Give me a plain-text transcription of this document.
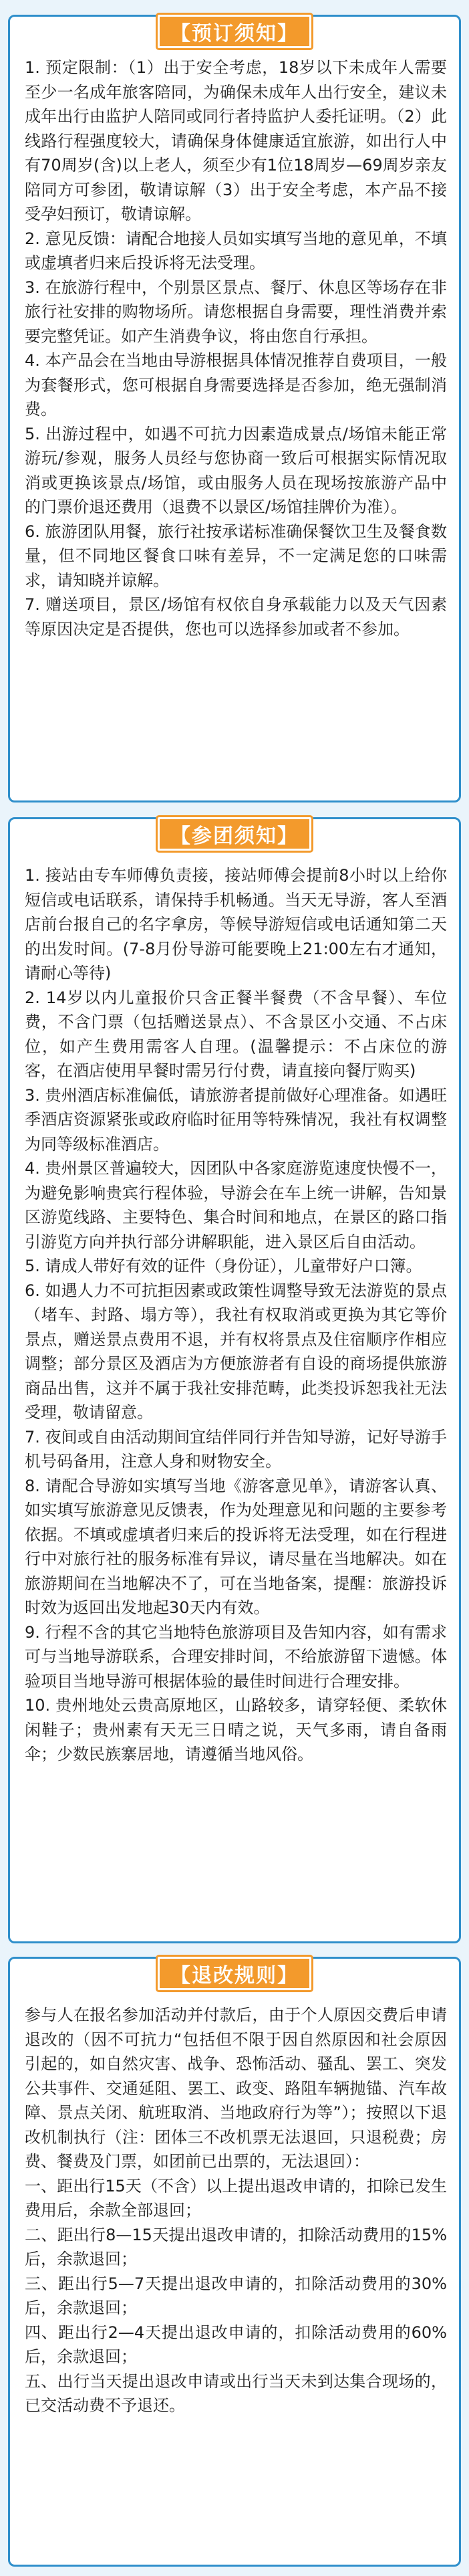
【预订须知】

1. 预定限制：（1）出于安全考虑，18岁以下未成年人需要至少一名成年旅客陪同，为确保未成年人出行安全，建议未成年出行由监护人陪同或同行者持监护人委托证明。（2）此线路行程强度较大，请确保身体健康适宜旅游，如出行人中有70周岁(含)以上老人，须至少有1位18周岁—69周岁亲友陪同方可参团，敬请谅解（3）出于安全考虑，本产品不接受孕妇预订，敬请谅解。

2. 意见反馈：请配合地接人员如实填写当地的意见单，不填或虚填者归来后投诉将无法受理。

3. 在旅游行程中，个别景区景点、餐厅、休息区等场存在非旅行社安排的购物场所。请您根据自身需要，理性消费并索要完整凭证。如产生消费争议，将由您自行承担。

4. 本产品会在当地由导游根据具体情况推荐自费项目，一般为套餐形式，您可根据自身需要选择是否参加，绝无强制消费。

5. 出游过程中，如遇不可抗力因素造成景点/场馆未能正常游玩/参观，服务人员经与您协商一致后可根据实际情况取消或更换该景点/场馆，或由服务人员在现场按旅游产品中的门票价退还费用（退费不以景区/场馆挂牌价为准）。

6. 旅游团队用餐，旅行社按承诺标准确保餐饮卫生及餐食数量，但不同地区餐食口味有差异，不一定满足您的口味需求，请知晓并谅解。

7. 赠送项目，景区/场馆有权依自身承载能力以及天气因素等原因决定是否提供，您也可以选择参加或者不参加。

【参团须知】

1. 接站由专车师傅负责接，接站师傅会提前8小时以上给你短信或电话联系，请保持手机畅通。当天无导游，客人至酒店前台报自己的名字拿房，等候导游短信或电话通知第二天的出发时间。(7-8月份导游可能要晚上21:00左右才通知，请耐心等待)

2. 14岁以内儿童报价只含正餐半餐费（不含早餐）、车位费，不含门票（包括赠送景点）、不含景区小交通、不占床位，如产生费用需客人自理。(温馨提示：不占床位的游客，在酒店使用早餐时需另行付费，请直接向餐厅购买)

3. 贵州酒店标准偏低，请旅游者提前做好心理准备。如遇旺季酒店资源紧张或政府临时征用等特殊情况，我社有权调整为同等级标准酒店。

4. 贵州景区普遍较大，因团队中各家庭游览速度快慢不一，为避免影响贵宾行程体验，导游会在车上统一讲解，告知景区游览线路、主要特色、集合时间和地点，在景区的路口指引游览方向并执行部分讲解职能，进入景区后自由活动。

5. 请成人带好有效的证件（身份证），儿童带好户口簿。

6. 如遇人力不可抗拒因素或政策性调整导致无法游览的景点（堵车、封路、塌方等），我社有权取消或更换为其它等价景点，赠送景点费用不退，并有权将景点及住宿顺序作相应调整；部分景区及酒店为方便旅游者有自设的商场提供旅游商品出售，这并不属于我社安排范畴，此类投诉恕我社无法受理，敬请留意。

7. 夜间或自由活动期间宜结伴同行并告知导游，记好导游手机号码备用，注意人身和财物安全。

8. 请配合导游如实填写当地《游客意见单》，请游客认真、如实填写旅游意见反馈表，作为处理意见和问题的主要参考依据。不填或虚填者归来后的投诉将无法受理，如在行程进行中对旅行社的服务标准有异议，请尽量在当地解决。如在旅游期间在当地解决不了，可在当地备案，提醒：旅游投诉时效为返回出发地起30天内有效。

9. 行程不含的其它当地特色旅游项目及告知内容，如有需求可与当地导游联系，合理安排时间，不给旅游留下遗憾。体验项目当地导游可根据体验的最佳时间进行合理安排。

10. 贵州地处云贵高原地区，山路较多，请穿轻便、柔软休闲鞋子；贵州素有天无三日晴之说，天气多雨，请自备雨伞；少数民族寨居地，请遵循当地风俗。

【退改规则】

参与人在报名参加活动并付款后，由于个人原因交费后申请退改的（因不可抗力“包括但不限于因自然原因和社会原因引起的，如自然灾害、战争、恐怖活动、骚乱、罢工、突发公共事件、交通延阻、罢工、政变、路阻车辆抛锚、汽车故障、景点关闭、航班取消、当地政府行为等”）；按照以下退改机制执行（注：团体三不改机票无法退回，只退税费；房费、餐费及门票，如团前已出票的，无法退回）：

一、距出行15天（不含）以上提出退改申请的，扣除已发生费用后，余款全部退回；

二、距出行8—15天提出退改申请的，扣除活动费用的15%后，余款退回；

三、距出行5—7天提出退改申请的，扣除活动费用的30%后，余款退回；

四、距出行2—4天提出退改申请的，扣除活动费用的60%后，余款退回；

五、出行当天提出退改申请或出行当天未到达集合现场的，已交活动费不予退还。
